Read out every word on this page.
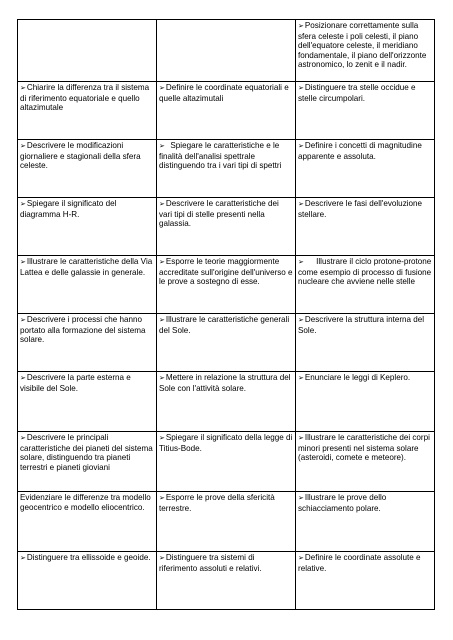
		➢Posizionare correttamente sulla sfera celeste i poli celesti, il piano dell'equatore celeste, il meridiano fondamentale, il piano dell'orizzonte astronomico, lo zenit e il nadir.
➢Chiarire la differenza tra il sistema di riferimento equatoriale e quello altazimutale	➢Definire le coordinate equatoriali e quelle altazimutali	➢Distinguere tra stelle occidue e stelle circumpolari.
➢Descrivere le modificazioni giornaliere e stagionali della sfera celeste.	➢  Spiegare le caratteristiche e le finalità dell'analisi spettrale distinguendo tra i vari tipi di spettri	➢Definire i concetti di magnitudine apparente e assoluta.
➢Spiegare il significato del diagramma H-R.	➢Descrivere le caratteristiche dei vari tipi di stelle presenti nella galassia.	➢Descrivere le fasi dell'evoluzione stellare.
➢Illustrare le caratteristiche della Via Lattea e delle galassie in generale.	➢Esporre le teorie maggiormente accreditate sull'origine dell'universo e le prove a sostegno di esse.	➢     Illustrare il ciclo protone-protone come esempio di processo di fusione nucleare che avviene nelle stelle
➢Descrivere i processi che hanno portato alla formazione del sistema solare.	➢Illustrare le caratteristiche generali del Sole.	➢Descrivere la struttura interna del Sole.
➢Descrivere la parte esterna e visibile del Sole.	➢Mettere in relazione la struttura del Sole con l'attività solare.	➢Enunciare le leggi di Keplero.
➢Descrivere le principali caratteristiche dei pianeti del sistema solare, distinguendo tra pianeti terrestri e pianeti gioviani	➢Spiegare il significato della legge di Titius-Bode.	➢Illustrare le caratteristiche dei corpi minori presenti nel sistema solare (asteroidi, comete e meteore).
Evidenziare le differenze tra modello geocentrico e modello eliocentrico.	➢Esporre le prove della sfericità terrestre.	➢Illustrare le prove dello schiacciamento polare.
➢Distinguere tra ellissoide e geoide.	➢Distinguere tra sistemi di riferimento assoluti e relativi.	➢Definire le coordinate assolute e relative.
